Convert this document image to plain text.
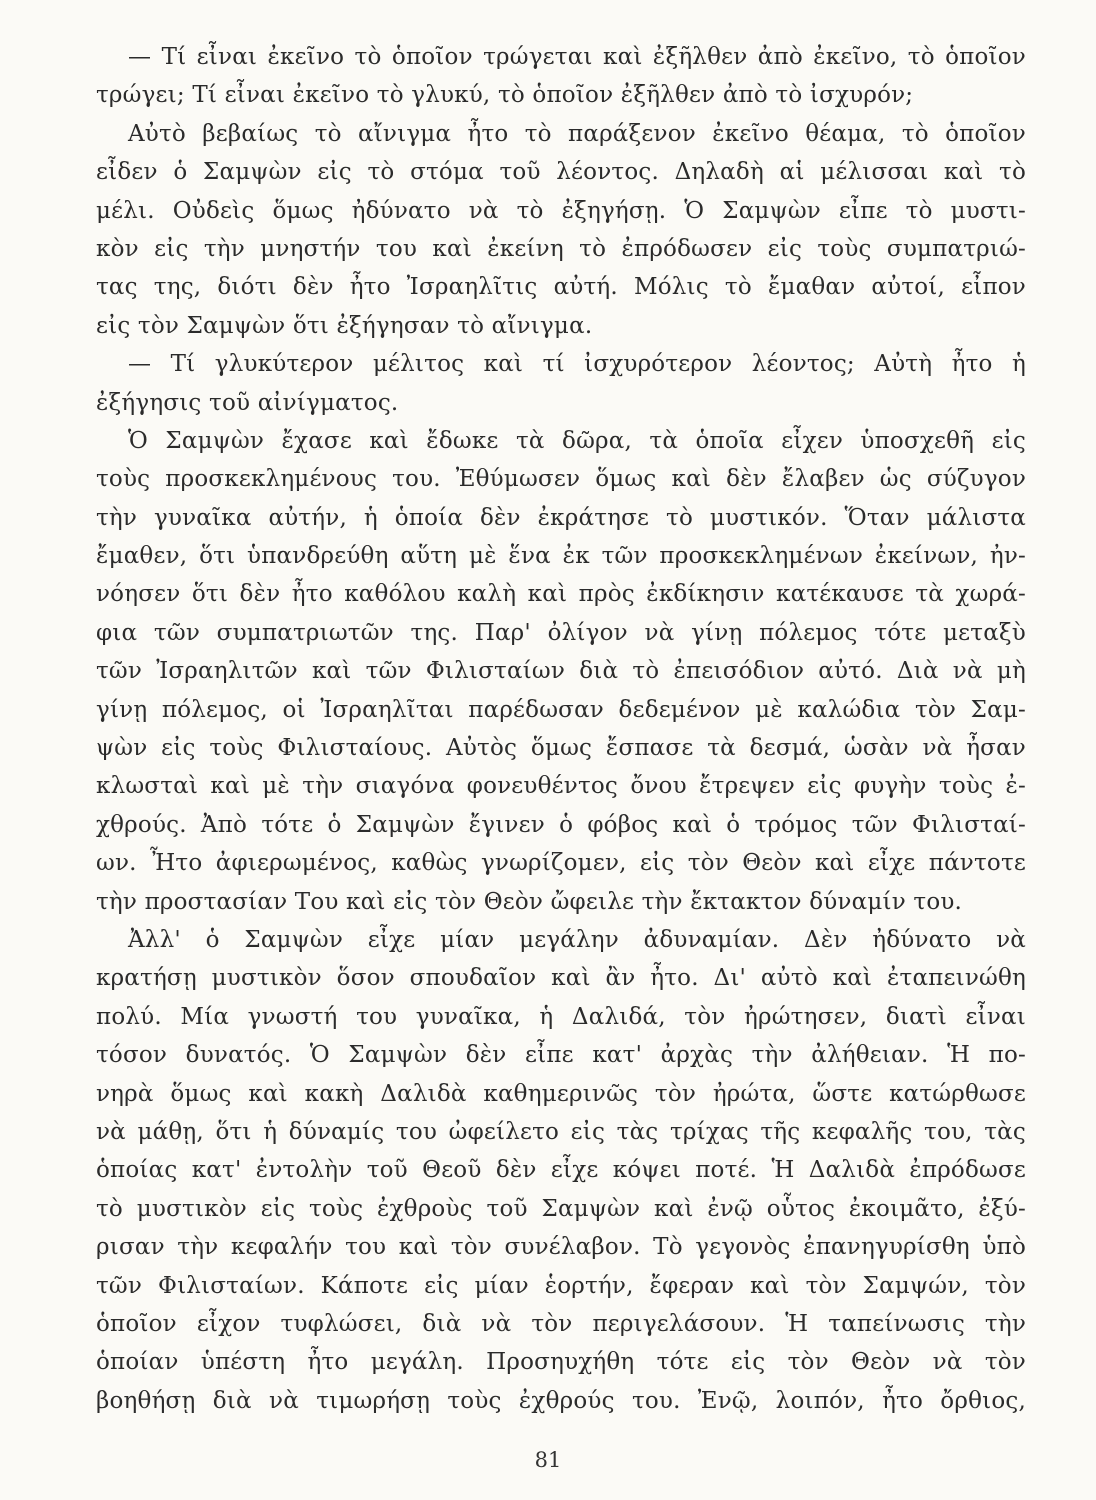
— Τί εἶναι ἐκεῖνο τὸ ὁποῖον τρώγεται καὶ ἐξῆλθεν ἀπὸ ἐκεῖνο, τὸ ὁποῖον
τρώγει; Τί εἶναι ἐκεῖνο τὸ γλυκύ, τὸ ὁποῖον ἐξῆλθεν ἀπὸ τὸ ἰσχυρόν;
Αὐτὸ βεβαίως τὸ αἴνιγμα ἦτο τὸ παράξενον ἐκεῖνο θέαμα, τὸ ὁποῖον
εἶδεν ὁ Σαμψὼν εἰς τὸ στόμα τοῦ λέοντος. Δηλαδὴ αἱ μέλισσαι καὶ τὸ
μέλι. Οὐδεὶς ὅμως ἠδύνατο νὰ τὸ ἐξηγήσῃ. Ὁ Σαμψὼν εἶπε τὸ μυστι-
κὸν εἰς τὴν μνηστήν του καὶ ἐκείνη τὸ ἐπρόδωσεν εἰς τοὺς συμπατριώ-
τας της, διότι δὲν ἦτο Ἰσραηλῖτις αὐτή. Μόλις τὸ ἔμαθαν αὐτοί, εἶπον
εἰς τὸν Σαμψὼν ὅτι ἐξήγησαν τὸ αἴνιγμα.
— Τί γλυκύτερον μέλιτος καὶ τί ἰσχυρότερον λέοντος; Αὐτὴ ἦτο ἡ
ἐξήγησις τοῦ αἰνίγματος.
Ὁ Σαμψὼν ἔχασε καὶ ἔδωκε τὰ δῶρα, τὰ ὁποῖα εἶχεν ὑποσχεθῆ εἰς
τοὺς προσκεκλημένους του. Ἐθύμωσεν ὅμως καὶ δὲν ἔλαβεν ὡς σύζυγον
τὴν γυναῖκα αὐτήν, ἡ ὁποία δὲν ἐκράτησε τὸ μυστικόν. Ὅταν μάλιστα
ἔμαθεν, ὅτι ὑπανδρεύθη αὕτη μὲ ἕνα ἐκ τῶν προσκεκλημένων ἐκείνων, ἠν-
νόησεν ὅτι δὲν ἦτο καθόλου καλὴ καὶ πρὸς ἐκδίκησιν κατέκαυσε τὰ χωρά-
φια τῶν συμπατριωτῶν της. Παρ' ὀλίγον νὰ γίνῃ πόλεμος τότε μεταξὺ
τῶν Ἰσραηλιτῶν καὶ τῶν Φιλισταίων διὰ τὸ ἐπεισόδιον αὐτό. Διὰ νὰ μὴ
γίνῃ πόλεμος, οἱ Ἰσραηλῖται παρέδωσαν δεδεμένον μὲ καλώδια τὸν Σαμ-
ψὼν εἰς τοὺς Φιλισταίους. Αὐτὸς ὅμως ἔσπασε τὰ δεσμά, ὡσὰν νὰ ἦσαν
κλωσταὶ καὶ μὲ τὴν σιαγόνα φονευθέντος ὄνου ἔτρεψεν εἰς φυγὴν τοὺς ἐ-
χθρούς. Ἀπὸ τότε ὁ Σαμψὼν ἔγινεν ὁ φόβος καὶ ὁ τρόμος τῶν Φιλισταί-
ων. Ἦτο ἀφιερωμένος, καθὼς γνωρίζομεν, εἰς τὸν Θεὸν καὶ εἶχε πάντοτε
τὴν προστασίαν Του καὶ εἰς τὸν Θεὸν ὤφειλε τὴν ἔκτακτον δύναμίν του.
Ἀλλ' ὁ Σαμψὼν εἶχε μίαν μεγάλην ἀδυναμίαν. Δὲν ἠδύνατο νὰ
κρατήσῃ μυστικὸν ὅσον σπουδαῖον καὶ ἂν ἦτο. Δι' αὐτὸ καὶ ἐταπεινώθη
πολύ. Μία γνωστή του γυναῖκα, ἡ Δαλιδά, τὸν ἠρώτησεν, διατὶ εἶναι
τόσον δυνατός. Ὁ Σαμψὼν δὲν εἶπε κατ' ἀρχὰς τὴν ἀλήθειαν. Ἡ πο-
νηρὰ ὅμως καὶ κακὴ Δαλιδὰ καθημερινῶς τὸν ἠρώτα, ὥστε κατώρθωσε
νὰ μάθῃ, ὅτι ἡ δύναμίς του ὠφείλετο εἰς τὰς τρίχας τῆς κεφαλῆς του, τὰς
ὁποίας κατ' ἐντολὴν τοῦ Θεοῦ δὲν εἶχε κόψει ποτέ. Ἡ Δαλιδὰ ἐπρόδωσε
τὸ μυστικὸν εἰς τοὺς ἐχθροὺς τοῦ Σαμψὼν καὶ ἐνῷ οὗτος ἐκοιμᾶτο, ἐξύ-
ρισαν τὴν κεφαλήν του καὶ τὸν συνέλαβον. Τὸ γεγονὸς ἐπανηγυρίσθη ὑπὸ
τῶν Φιλισταίων. Κάποτε εἰς μίαν ἑορτήν, ἔφεραν καὶ τὸν Σαμψών, τὸν
ὁποῖον εἶχον τυφλώσει, διὰ νὰ τὸν περιγελάσουν. Ἡ ταπείνωσις τὴν
ὁποίαν ὑπέστη ἦτο μεγάλη. Προσηυχήθη τότε εἰς τὸν Θεὸν νὰ τὸν
βοηθήσῃ διὰ νὰ τιμωρήσῃ τοὺς ἐχθρούς του. Ἐνῷ, λοιπόν, ἦτο ὄρθιος,
81
